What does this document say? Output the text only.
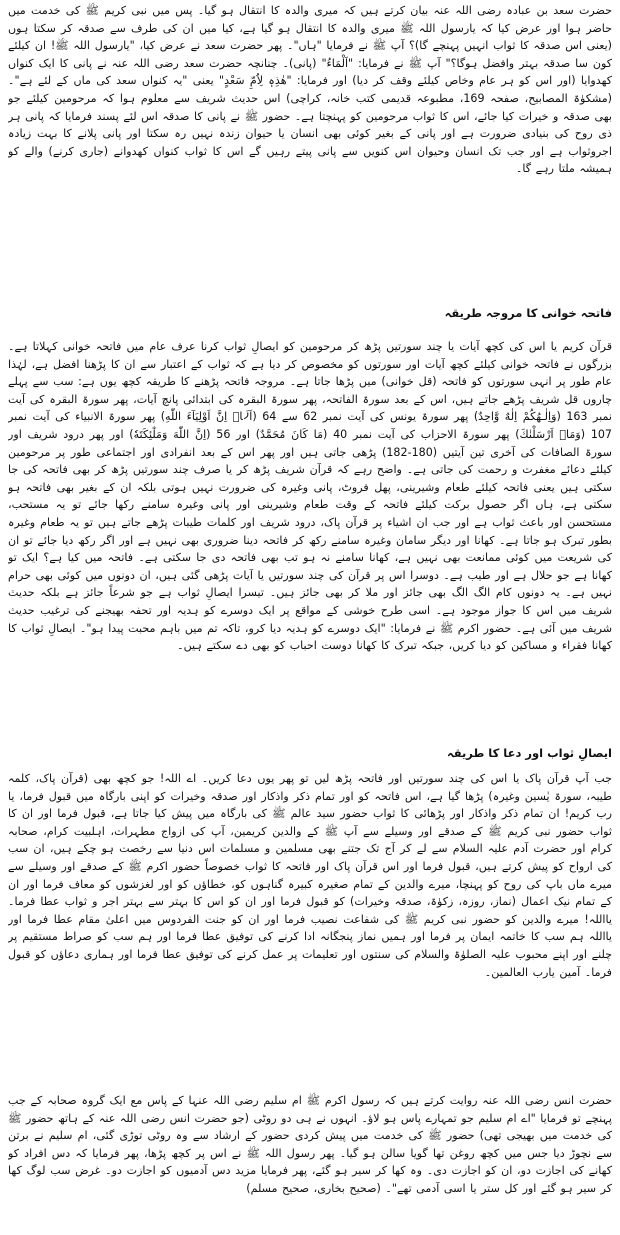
حضرت سعد بن عبادہ رضی اللہ عنہ بیان کرتے ہیں کہ میری والدہ کا انتقال ہو گیا۔ پس میں نبی کریم ﷺ کی خدمت میں حاضر ہوا اور عرض کیا کہ یارسول اللہ ﷺ میری والدہ کا انتقال ہو گیا ہے، کیا میں ان کی طرف سے صدقہ کر سکتا ہوں (یعنی اس صدقہ کا ثواب انہیں پہنچے گا)؟ آپ ﷺ نے فرمایا "ہاں"۔ پھر حضرت سعد نے عرض کیا، "یارسول اللہ ﷺ! ان کیلئے کون سا صدقہ بہتر وافضل ہوگا؟" آپ ﷺ نے فرمایا: "اَلْمَاءُ" (پانی)۔ چنانچہ حضرت سعد رضی اللہ عنہ نے پانی کا ایک کنواں کھدوایا (اور اس کو ہر عام وخاص کیلئے وقف کر دیا) اور فرمایا: "هٰذِهٖ لِاُمِّ سَعْدٍ" یعنی "یہ کنواں سعد کی ماں کے لئے ہے"۔ (مشکوٰۃ المصابیح، صفحہ 169، مطبوعہ قدیمی کتب خانہ، کراچی) اس حدیث شریف سے معلوم ہوا کہ مرحومین کیلئے جو بھی صدقہ و خیرات کیا جائے، اس کا ثواب مرحومین کو پہنچتا ہے۔ حضور ﷺ نے پانی کا صدقہ اس لئے پسند فرمایا کہ پانی ہر ذی روح کی بنیادی ضرورت ہے اور پانی کے بغیر کوئی بھی انسان یا حیوان زندہ نہیں رہ سکتا اور پانی پلانے کا بہت زیادہ اجروثواب ہے اور جب تک انسان وحیوان اس کنویں سے پانی پیتے رہیں گے اس کا ثواب کنواں کھدوانے (جاری کرنے) والے کو ہمیشہ ملتا رہے گا۔

فاتحہ خوانی کا مروجہ طریقہ

قرآن کریم یا اس کی کچھ آیات یا چند سورتیں پڑھ کر مرحومین کو ایصالِ ثواب کرنا عرف عام میں فاتحہ خوانی کہلاتا ہے۔ بزرگوں نے فاتحہ خوانی کیلئے کچھ آیات اور سورتوں کو مخصوص کر دیا ہے کہ ثواب کے اعتبار سے ان کا پڑھنا افضل ہے، لہٰذا عام طور پر انہی سورتوں کو فاتحہ (قل خوانی) میں پڑھا جاتا ہے۔ مروجہ فاتحہ پڑھنے کا طریقہ کچھ یوں ہے: سب سے پہلے چاروں قل شریف پڑھے جاتے ہیں، اس کے بعد سورۃ الفاتحہ، پھر سورۃ البقرہ کی ابتدائی پانچ آیات، پھر سورۃ البقرہ کی آیت نمبر 163 (وَاِلٰـهُكُمْ اِلٰهٌ وَّاحِدٌ) پھر سورۃ یونس کی آیت نمبر 62 سے 64 (اَلَاۤ اِنَّ اَوْلِيَآءَ اللّٰهِ) پھر سورۃ الانبیاء کی آیت نمبر 107 (وَمَاۤ اَرْسَلْنٰكَ) پھر سورۃ الاحزاب کی آیت نمبر 40 (مَا كَانَ مُحَمَّدٌ) اور 56 (اِنَّ اللّٰهَ وَمَلٰٓئِكَتَهٗ) اور پھر درود شریف اور سورۃ الصافات کی آخری تین آیتیں (180-182) پڑھی جاتی ہیں اور پھر اس کے بعد انفرادی اور اجتماعی طور پر مرحومین کیلئے دعائے مغفرت و رحمت کی جاتی ہے۔ واضح رہے کہ قرآن شریف پڑھ کر یا صرف چند سورتیں پڑھ کر بھی فاتحہ کی جا سکتی ہیں یعنی فاتحہ کیلئے طعام وشیرینی، پھل فروٹ، پانی وغیرہ کی ضرورت نہیں ہوتی بلکہ ان کے بغیر بھی فاتحہ ہو سکتی ہے، ہاں اگر حصول برکت کیلئے فاتحہ کے وقت طعام وشیرینی اور پانی وغیرہ سامنے رکھا جائے تو یہ مستحب، مستحسن اور باعث ثواب ہے اور جب ان اشیاء پر قرآن پاک، درود شریف اور کلمات طیبات پڑھے جاتے ہیں تو یہ طعام وغیرہ بطور تبرک ہو جاتا ہے۔ کھانا اور دیگر سامان وغیرہ سامنے رکھ کر فاتحہ دینا ضروری بھی نہیں ہے اور اگر رکھ دیا جائے تو ان کی شریعت میں کوئی ممانعت بھی نہیں ہے، کھانا سامنے نہ ہو تب بھی فاتحہ دی جا سکتی ہے۔ فاتحہ میں کیا ہے؟ ایک تو کھانا ہے جو حلال ہے اور طیب ہے۔ دوسرا اس پر قرآن کی چند سورتیں یا آیات پڑھی گئی ہیں، ان دونوں میں کوئی بھی حرام نہیں ہے۔ یہ دونوں کام الگ الگ بھی جائز اور ملا کر بھی جائز ہیں۔ تیسرا ایصالِ ثواب ہے جو شرعاً جائز ہے بلکہ حدیث شریف میں اس کا جواز موجود ہے۔ اسی طرح خوشی کے مواقع پر ایک دوسرے کو ہدیہ اور تحفہ بھیجنے کی ترغیب حدیث شریف میں آئی ہے۔ حضور اکرم ﷺ نے فرمایا: "ایک دوسرے کو ہدیہ دیا کرو، تاکہ تم میں باہم محبت پیدا ہو"۔ ایصالِ ثواب کا کھانا فقراء و مساکین کو دیا کریں، جبکہ تبرک کا کھانا دوست احباب کو بھی دے سکتے ہیں۔

ایصالِ ثواب اور دعا کا طریقہ

جب آپ قرآن پاک یا اس کی چند سورتیں اور فاتحہ پڑھ لیں تو پھر یوں دعا کریں۔ اے اللہ! جو کچھ بھی (قرآن پاک، کلمہ طیبہ، سورۃ یٰسین وغیرہ) پڑھا گیا ہے، اس فاتحہ کو اور تمام ذکر واذکار اور صدقہ وخیرات کو اپنی بارگاہ میں قبول فرما، یا رب کریم! ان تمام ذکر واذکار اور پڑھائی کا ثواب حضور سید عالم ﷺ کی بارگاہ میں پیش کیا جاتا ہے، قبول فرما اور ان کا ثواب حضور نبی کریم ﷺ کے صدقے اور وسیلے سے آپ ﷺ کے والدین کریمین، آپ کی ازواج مطہرات، اہلبیت کرام، صحابہ کرام اور حضرت آدم علیہ السلام سے لے کر آج تک جتنے بھی مسلمین و مسلمات اس دنیا سے رخصت ہو چکے ہیں، ان سب کی ارواح کو پیش کرتے ہیں، قبول فرما اور اس قرآن پاک اور فاتحہ کا ثواب خصوصاً حضور اکرم ﷺ کے صدقے اور وسیلے سے میرے ماں باپ کی روح کو پہنچا، میرے والدین کے تمام صغیرہ کبیرہ گناہوں کو، خطاؤں کو اور لغزشوں کو معاف فرما اور ان کے تمام نیک اعمال (نماز، روزہ، زکوٰۃ، صدقہ وخیرات) کو قبول فرما اور ان کو اس کا بہتر سے بہتر اجر و ثواب عطا فرما۔ یااللہ! میرے والدین کو حضور نبی کریم ﷺ کی شفاعت نصیب فرما اور ان کو جنت الفردوس میں اعلیٰ مقام عطا فرما اور یااللہ ہم سب کا خاتمہ ایمان پر فرما اور ہمیں نماز پنجگانہ ادا کرنے کی توفیق عطا فرما اور ہم سب کو صراط مستقیم پر چلنے اور اپنے محبوب علیہ الصلوٰۃ والسلام کی سنتوں اور تعلیمات پر عمل کرنے کی توفیق عطا فرما اور ہماری دعاؤں کو قبول فرما۔ آمین یارب العالمین۔

حضرت انس رضی اللہ عنہ روایت کرتے ہیں کہ رسول اکرم ﷺ ام سلیم رضی اللہ عنہا کے پاس مع ایک گروہ صحابہ کے جب پہنچے تو فرمایا "اے ام سلیم جو تمہارے پاس ہو لاؤ۔ انہوں نے ہی دو روٹی (جو حضرت انس رضی اللہ عنہ کے ہاتھ حضور ﷺ کی خدمت میں بھیجی تھی) حضور ﷺ کی خدمت میں پیش کردی حضور کے ارشاد سے وہ روٹی توڑی گئی، ام سلیم نے برتن سے نچوڑ دیا جس میں کچھ روغن تھا گویا سالن ہو گیا۔ پھر رسول اللہ ﷺ نے اس پر کچھ پڑھا، پھر فرمایا کہ دس افراد کو کھانے کی اجازت دو، ان کو اجازت دی۔ وہ کھا کر سیر ہو گئے، پھر فرمایا مزید دس آدمیوں کو اجازت دو۔ غرض سب لوگ کھا کر سیر ہو گئے اور کل ستر یا اسی آدمی تھے"۔ (صحیح بخاری، صحیح مسلم)
